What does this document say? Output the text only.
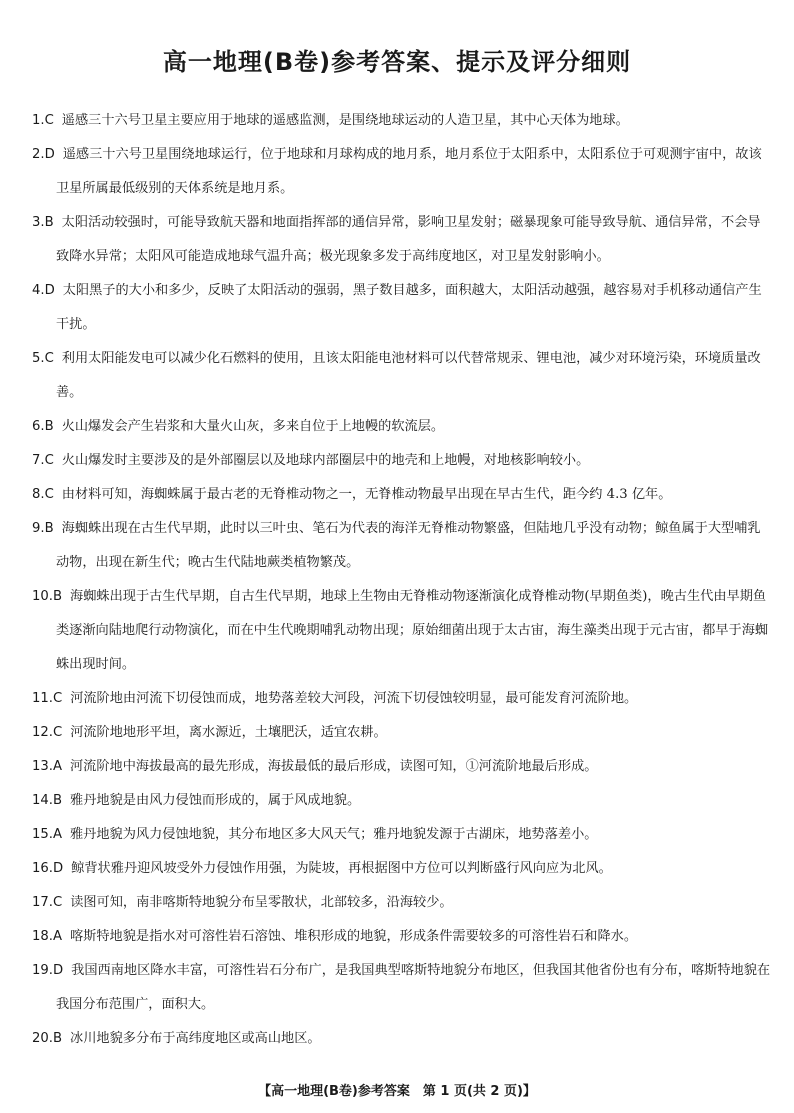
高一地理(B卷)参考答案、提示及评分细则
1.C 遥感三十六号卫星主要应用于地球的遥感监测，是围绕地球运动的人造卫星，其中心天体为地球。
2.D 遥感三十六号卫星围绕地球运行，位于地球和月球构成的地月系，地月系位于太阳系中，太阳系位于可观测宇宙中，故该卫星所属最低级别的天体系统是地月系。
3.B 太阳活动较强时，可能导致航天器和地面指挥部的通信异常，影响卫星发射；磁暴现象可能导致导航、通信异常，不会导致降水异常；太阳风可能造成地球气温升高；极光现象多发于高纬度地区，对卫星发射影响小。
4.D 太阳黑子的大小和多少，反映了太阳活动的强弱，黑子数目越多，面积越大，太阳活动越强，越容易对手机移动通信产生干扰。
5.C 利用太阳能发电可以减少化石燃料的使用，且该太阳能电池材料可以代替常规汞、锂电池，减少对环境污染，环境质量改善。
6.B 火山爆发会产生岩浆和大量火山灰，多来自位于上地幔的软流层。
7.C 火山爆发时主要涉及的是外部圈层以及地球内部圈层中的地壳和上地幔，对地核影响较小。
8.C 由材料可知，海蜘蛛属于最古老的无脊椎动物之一，无脊椎动物最早出现在早古生代，距今约 4.3 亿年。
9.B 海蜘蛛出现在古生代早期，此时以三叶虫、笔石为代表的海洋无脊椎动物繁盛，但陆地几乎没有动物；鲸鱼属于大型哺乳动物，出现在新生代；晚古生代陆地蕨类植物繁茂。
10.B 海蜘蛛出现于古生代早期，自古生代早期，地球上生物由无脊椎动物逐渐演化成脊椎动物(早期鱼类)，晚古生代由早期鱼类逐渐向陆地爬行动物演化，而在中生代晚期哺乳动物出现；原始细菌出现于太古宙，海生藻类出现于元古宙，都早于海蜘蛛出现时间。
11.C 河流阶地由河流下切侵蚀而成，地势落差较大河段，河流下切侵蚀较明显，最可能发育河流阶地。
12.C 河流阶地地形平坦，离水源近，土壤肥沃，适宜农耕。
13.A 河流阶地中海拔最高的最先形成，海拔最低的最后形成，读图可知，①河流阶地最后形成。
14.B 雅丹地貌是由风力侵蚀而形成的，属于风成地貌。
15.A 雅丹地貌为风力侵蚀地貌，其分布地区多大风天气；雅丹地貌发源于古湖床，地势落差小。
16.D 鲸背状雅丹迎风坡受外力侵蚀作用强，为陡坡，再根据图中方位可以判断盛行风向应为北风。
17.C 读图可知，南非喀斯特地貌分布呈零散状，北部较多，沿海较少。
18.A 喀斯特地貌是指水对可溶性岩石溶蚀、堆积形成的地貌，形成条件需要较多的可溶性岩石和降水。
19.D 我国西南地区降水丰富，可溶性岩石分布广，是我国典型喀斯特地貌分布地区，但我国其他省份也有分布，喀斯特地貌在我国分布范围广，面积大。
20.B 冰川地貌多分布于高纬度地区或高山地区。
【高一地理(B卷)参考答案　第 1 页(共 2 页)】
